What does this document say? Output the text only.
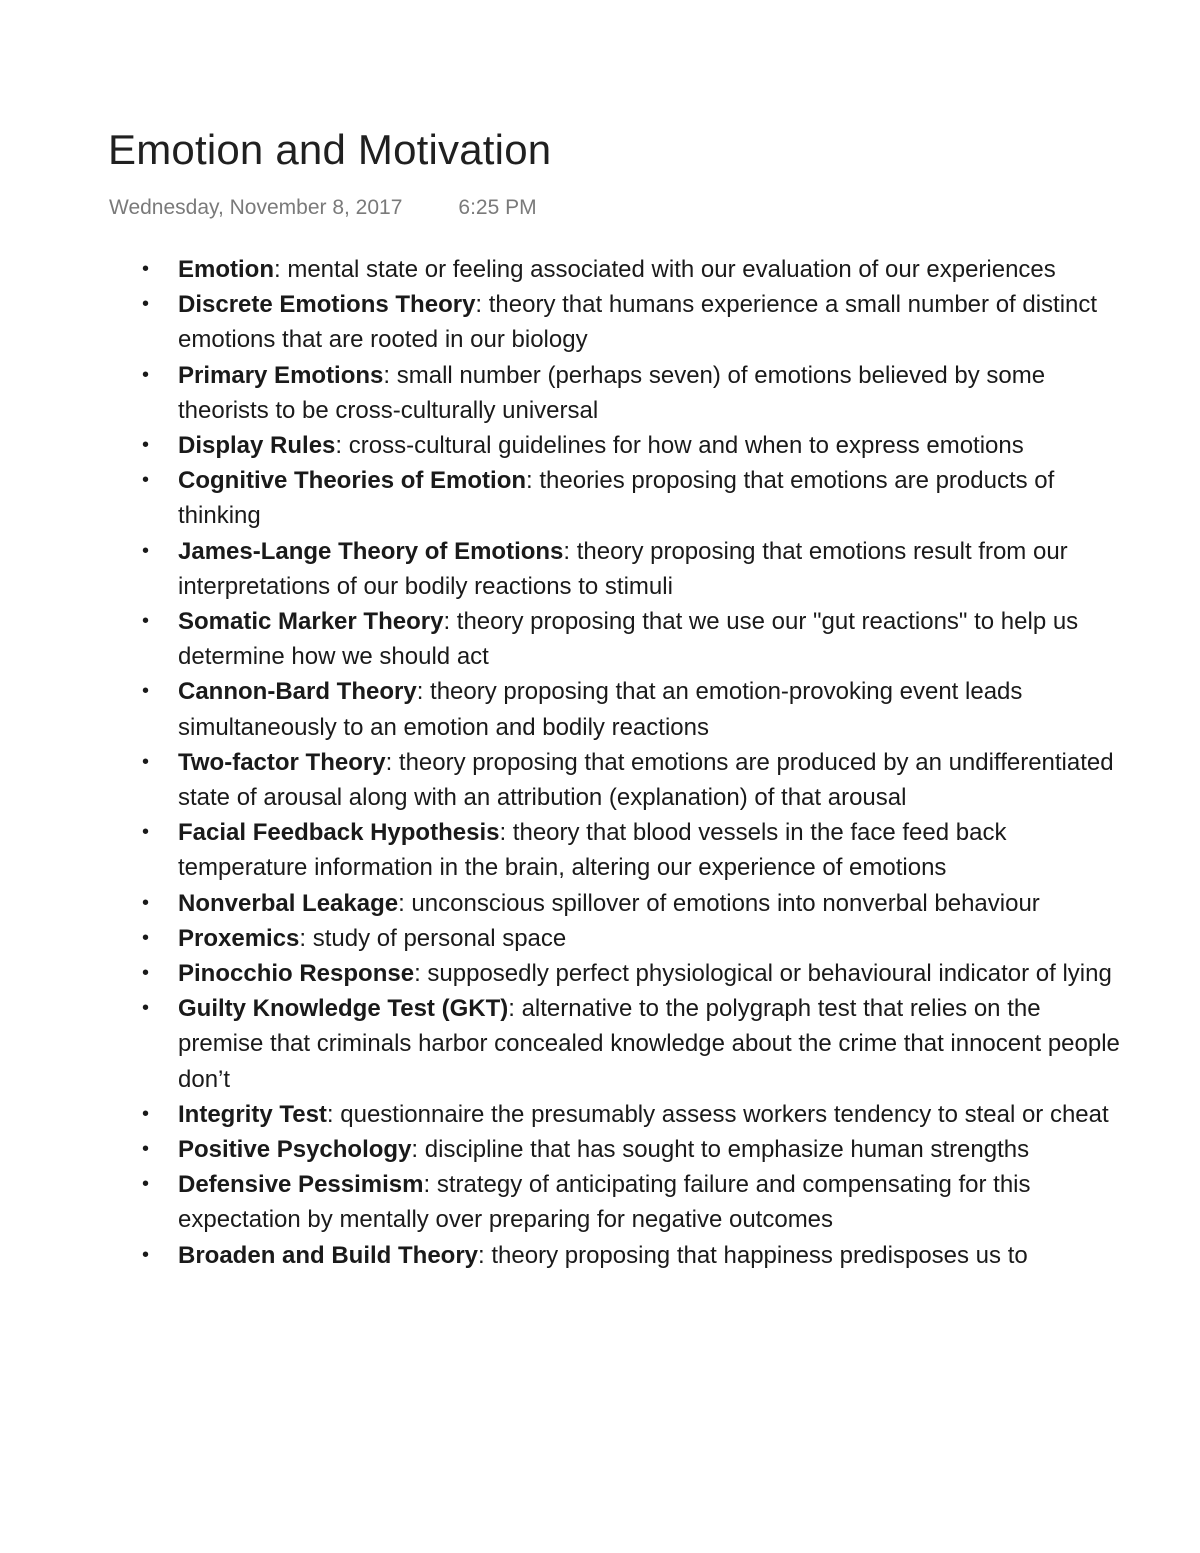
Emotion and Motivation
Wednesday, November 8, 2017	6:25 PM
• Emotion: mental state or feeling associated with our evaluation of our experiences
• Discrete Emotions Theory: theory that humans experience a small number of distinct emotions that are rooted in our biology
• Primary Emotions: small number (perhaps seven) of emotions believed by some theorists to be cross-culturally universal
• Display Rules: cross-cultural guidelines for how and when to express emotions
• Cognitive Theories of Emotion: theories proposing that emotions are products of thinking
• James-Lange Theory of Emotions: theory proposing that emotions result from our interpretations of our bodily reactions to stimuli
• Somatic Marker Theory: theory proposing that we use our "gut reactions" to help us determine how we should act
• Cannon-Bard Theory: theory proposing that an emotion-provoking event leads simultaneously to an emotion and bodily reactions
• Two-factor Theory: theory proposing that emotions are produced by an undifferentiated state of arousal along with an attribution (explanation) of that arousal
• Facial Feedback Hypothesis: theory that blood vessels in the face feed back temperature information in the brain, altering our experience of emotions
• Nonverbal Leakage: unconscious spillover of emotions into nonverbal behaviour
• Proxemics: study of personal space
• Pinocchio Response: supposedly perfect physiological or behavioural indicator of lying
• Guilty Knowledge Test (GKT): alternative to the polygraph test that relies on the premise that criminals harbor concealed knowledge about the crime that innocent people don’t
• Integrity Test: questionnaire the presumably assess workers tendency to steal or cheat
• Positive Psychology: discipline that has sought to emphasize human strengths
• Defensive Pessimism: strategy of anticipating failure and compensating for this expectation by mentally over preparing for negative outcomes
• Broaden and Build Theory: theory proposing that happiness predisposes us to
